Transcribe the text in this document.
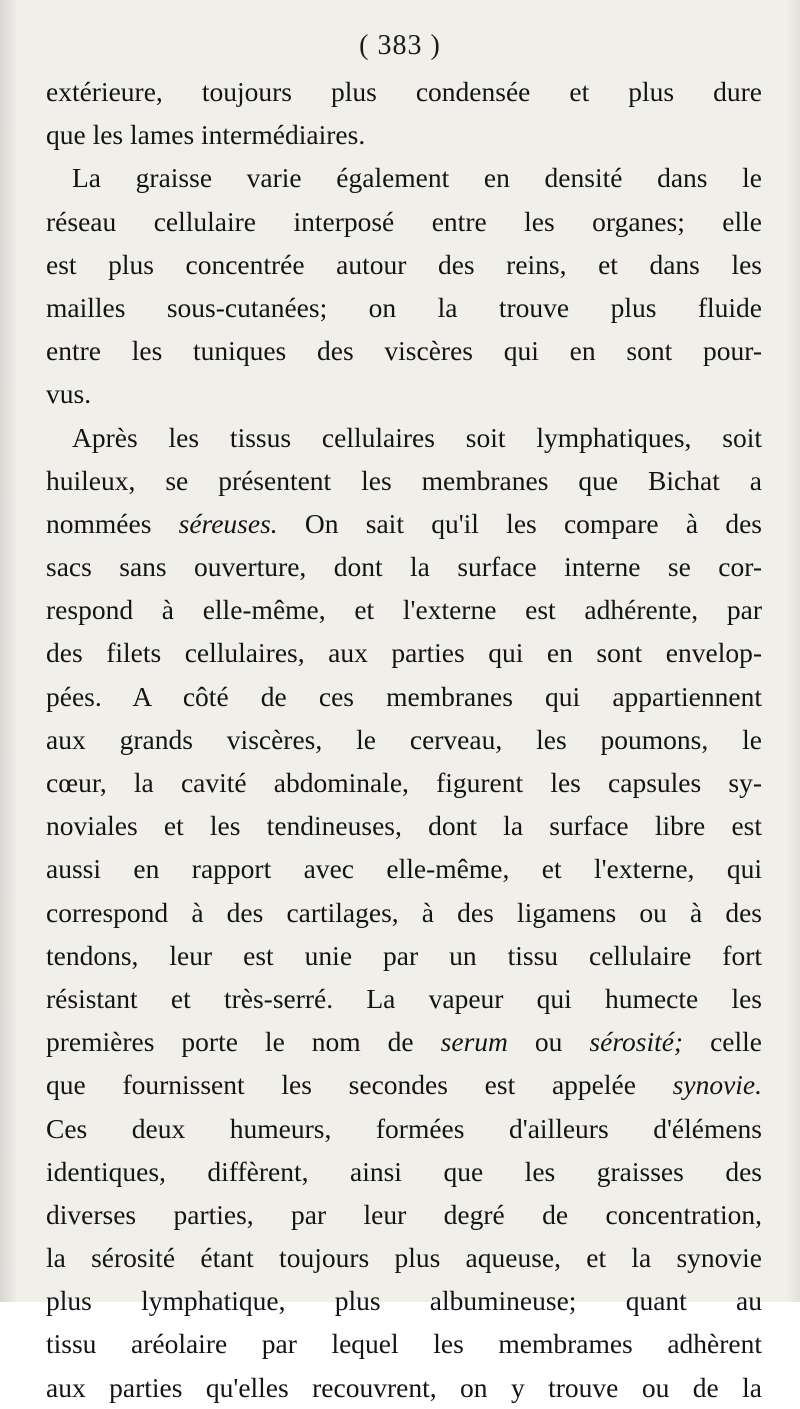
( 383 )
extérieure, toujours plus condensée et plus dure
que les lames intermédiaires.
La graisse varie également en densité dans le
réseau cellulaire interposé entre les organes; elle
est plus concentrée autour des reins, et dans les
mailles sous-cutanées; on la trouve plus fluide
entre les tuniques des viscères qui en sont pour-
vus.
Après les tissus cellulaires soit lymphatiques, soit
huileux, se présentent les membranes que Bichat a
nommées séreuses. On sait qu'il les compare à des
sacs sans ouverture, dont la surface interne se cor-
respond à elle-même, et l'externe est adhérente, par
des filets cellulaires, aux parties qui en sont envelop-
pées. A côté de ces membranes qui appartiennent
aux grands viscères, le cerveau, les poumons, le
cœur, la cavité abdominale, figurent les capsules sy-
noviales et les tendineuses, dont la surface libre est
aussi en rapport avec elle-même, et l'externe, qui
correspond à des cartilages, à des ligamens ou à des
tendons, leur est unie par un tissu cellulaire fort
résistant et très-serré. La vapeur qui humecte les
premières porte le nom de serum ou sérosité; celle
que fournissent les secondes est appelée synovie.
Ces deux humeurs, formées d'ailleurs d'élémens
identiques, diffèrent, ainsi que les graisses des
diverses parties, par leur degré de concentration,
la sérosité étant toujours plus aqueuse, et la synovie
plus lymphatique, plus albumineuse; quant au
tissu aréolaire par lequel les membrames adhèrent
aux parties qu'elles recouvrent, on y trouve ou de la
